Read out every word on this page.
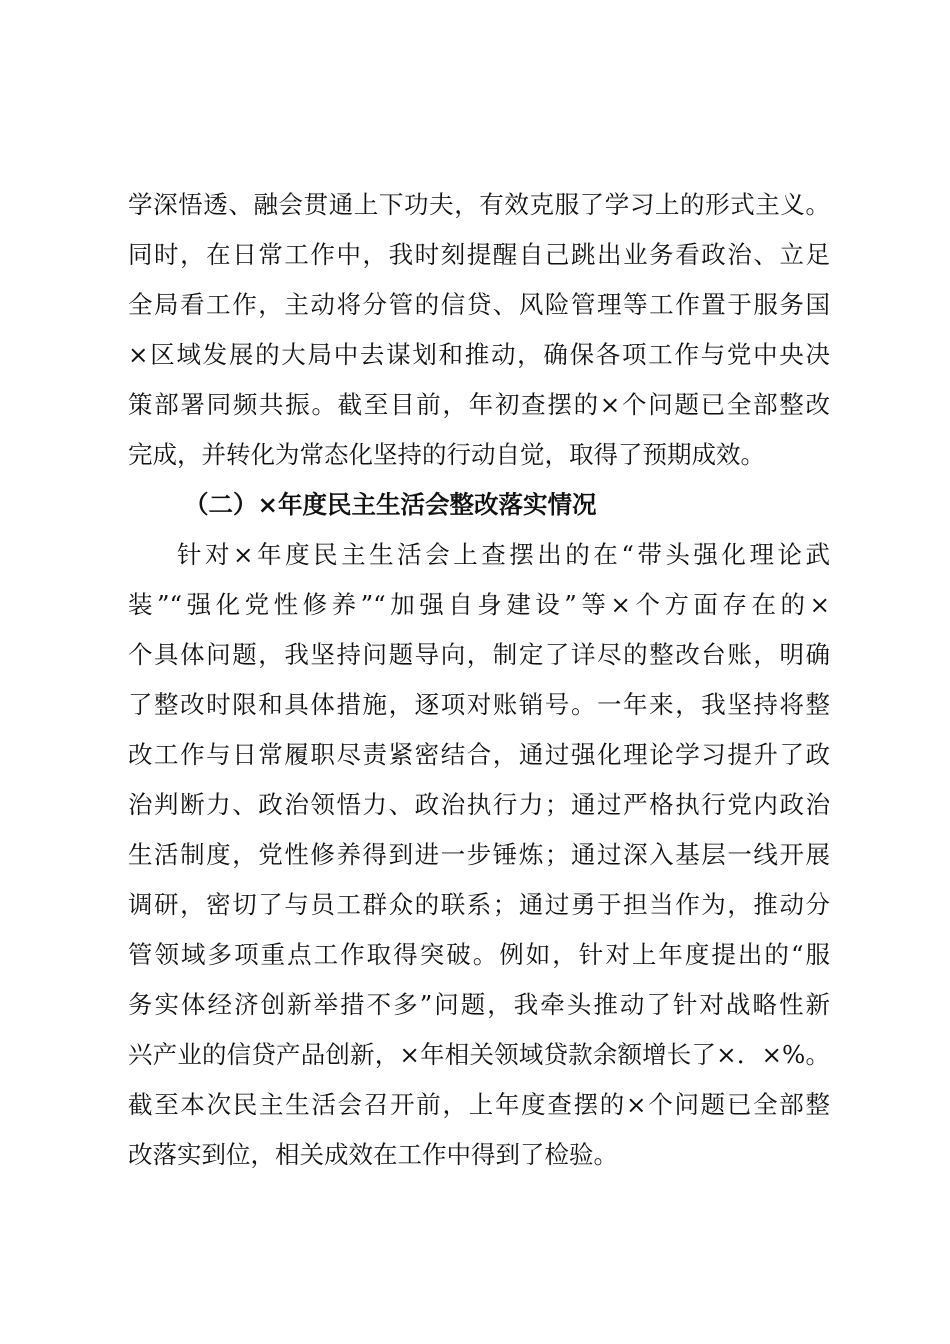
学深悟透、融会贯通上下功夫，有效克服了学习上的形式主义。
同时，在日常工作中，我时刻提醒自己跳出业务看政治、立足
全局看工作，主动将分管的信贷、风险管理等工作置于服务国
×区域发展的大局中去谋划和推动，确保各项工作与党中央决
策部署同频共振。截至目前，年初查摆的×个问题已全部整改
完成，并转化为常态化坚持的行动自觉，取得了预期成效。
（二）×年度民主生活会整改落实情况
针对×年度民主生活会上查摆出的在“带头强化理论武
装”“强化党性修养”“加强自身建设”等×个方面存在的×
个具体问题，我坚持问题导向，制定了详尽的整改台账，明确
了整改时限和具体措施，逐项对账销号。一年来，我坚持将整
改工作与日常履职尽责紧密结合，通过强化理论学习提升了政
治判断力、政治领悟力、政治执行力；通过严格执行党内政治
生活制度，党性修养得到进一步锤炼；通过深入基层一线开展
调研，密切了与员工群众的联系；通过勇于担当作为，推动分
管领域多项重点工作取得突破。例如，针对上年度提出的“服
务实体经济创新举措不多”问题，我牵头推动了针对战略性新
兴产业的信贷产品创新，×年相关领域贷款余额增长了×．×%。
截至本次民主生活会召开前，上年度查摆的×个问题已全部整
改落实到位，相关成效在工作中得到了检验。
